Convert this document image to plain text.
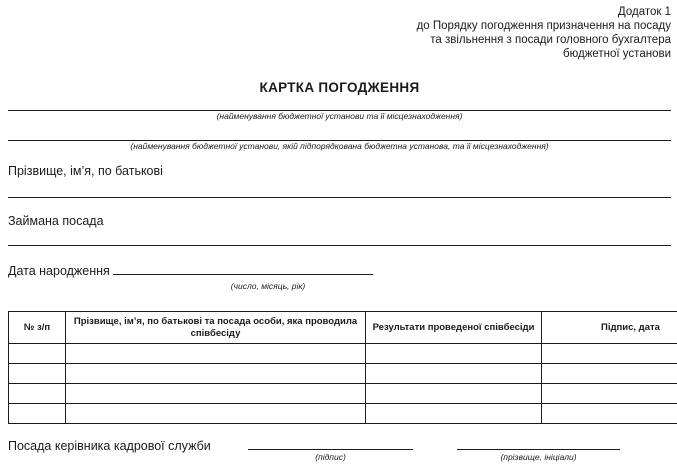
Додаток 1
до Порядку погодження призначення на посаду
та звільнення з посади головного бухгалтера
бюджетної установи
КАРТКА ПОГОДЖЕННЯ
(найменування бюджетної установи та її місцезнаходження)
(найменування бюджетної установи, якій підпорядкована бюджетна установа, та її місцезнаходження)
Прізвище, ім’я, по батькові
Займана посада
Дата народження
(число, місяць, рік)
№ з/п	Прізвище, ім’я, по батькові та посада особи, яка проводила співбесіду	Результати проведеної співбесіди	Підпис, дата

Посада керівника кадрової служби
(підпис)	(прізвище, ініціали)
